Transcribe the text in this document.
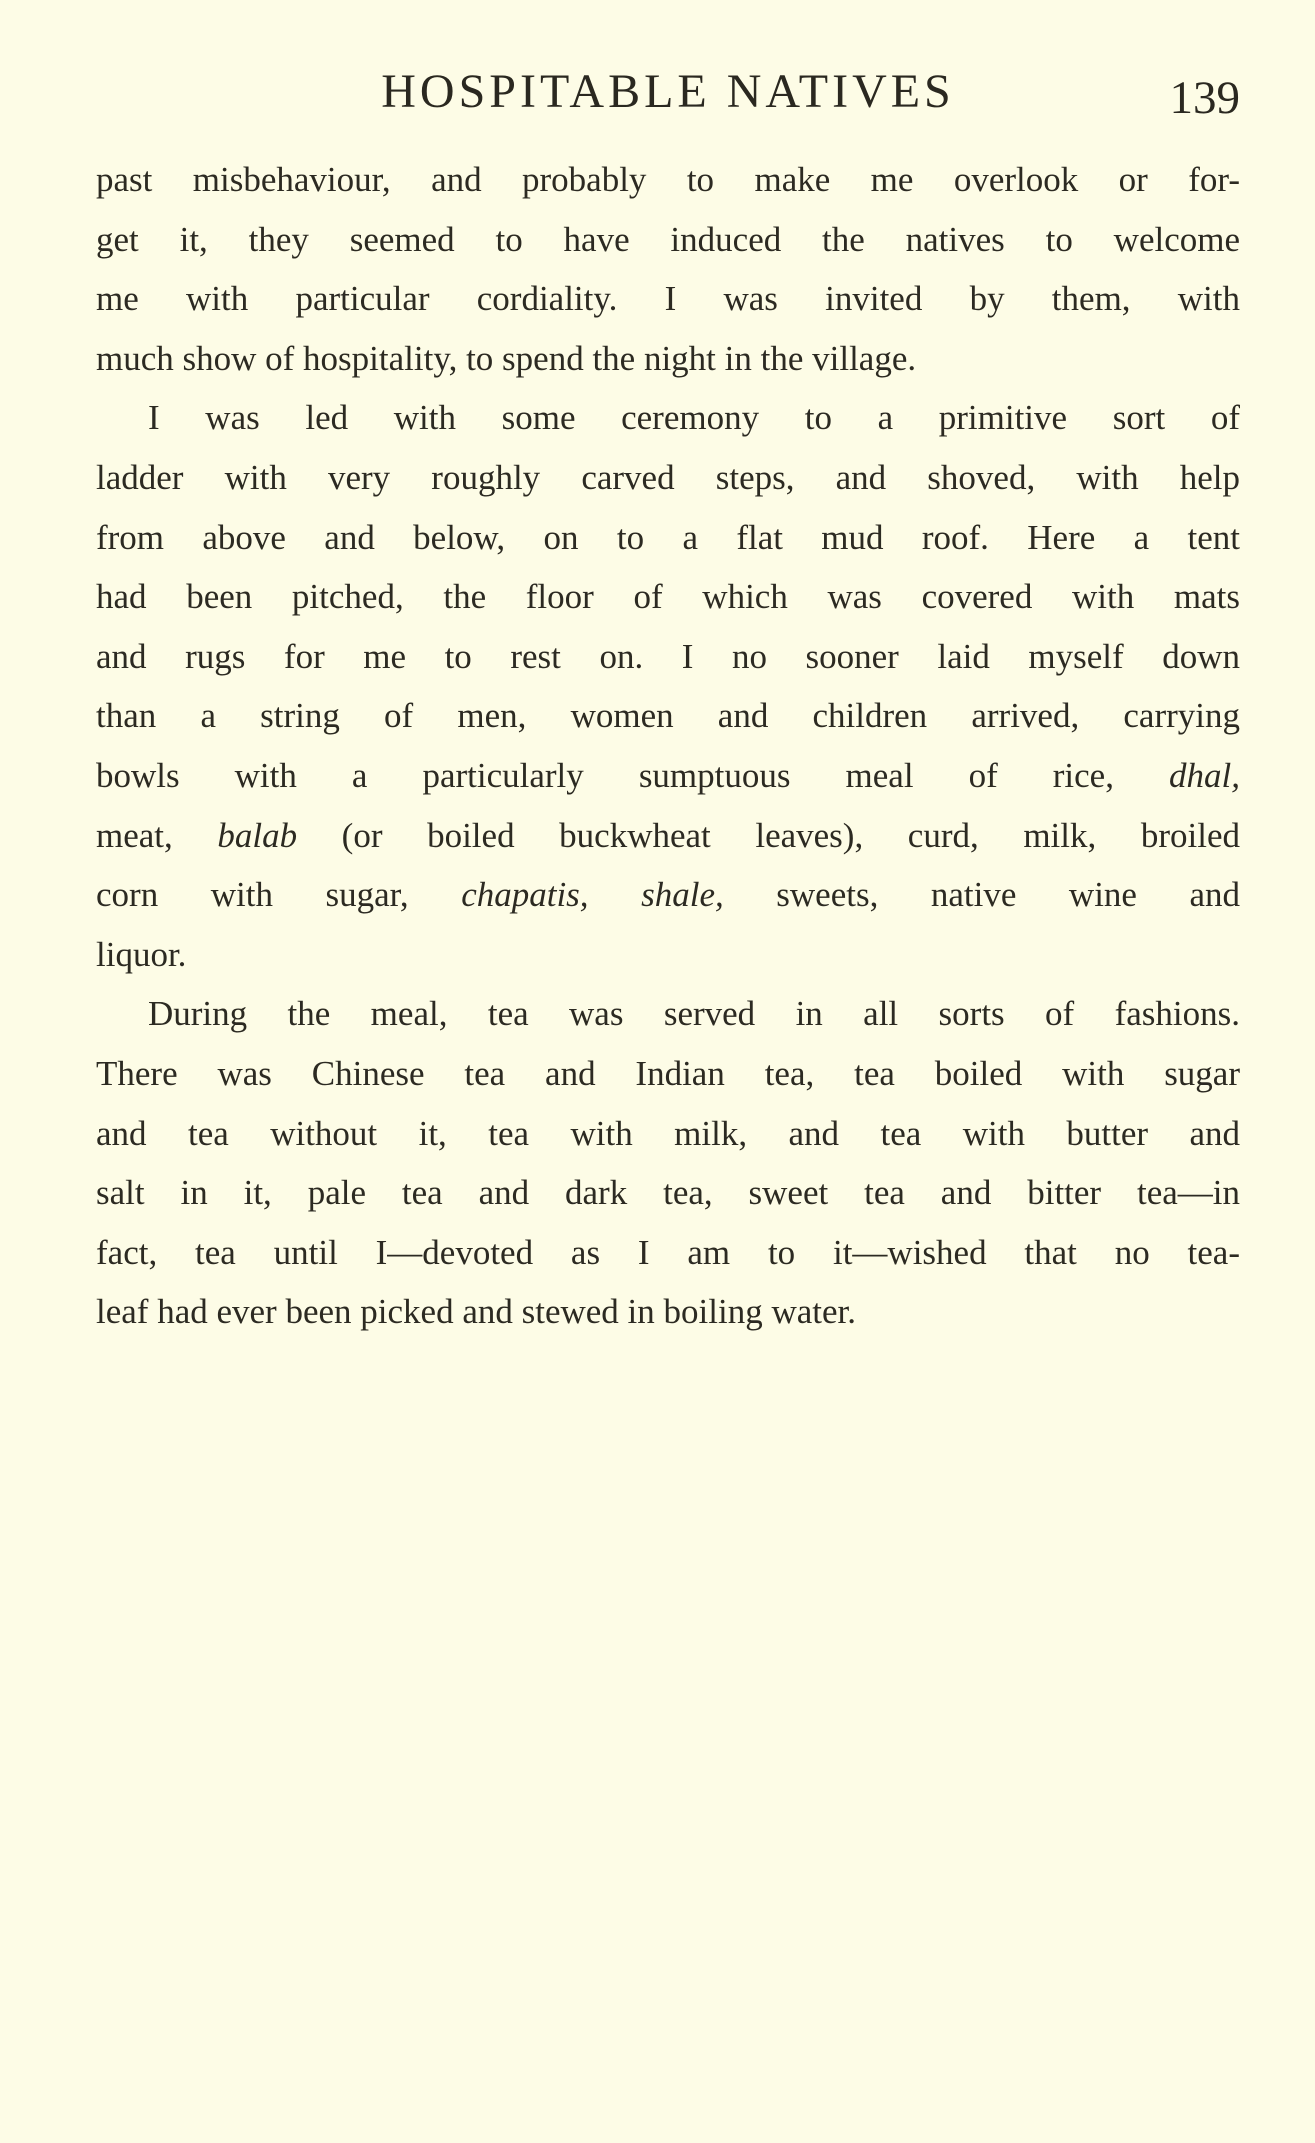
HOSPITABLE NATIVES	139
past misbehaviour, and probably to make me overlook or for-
get it, they seemed to have induced the natives to welcome
me with particular cordiality. I was invited by them, with
much show of hospitality, to spend the night in the village.
I was led with some ceremony to a primitive sort of
ladder with very roughly carved steps, and shoved, with help
from above and below, on to a flat mud roof. Here a tent
had been pitched, the floor of which was covered with mats
and rugs for me to rest on. I no sooner laid myself down
than a string of men, women and children arrived, carrying
bowls with a particularly sumptuous meal of rice, dhal,
meat, balab (or boiled buckwheat leaves), curd, milk, broiled
corn with sugar, chapatis, shale, sweets, native wine and
liquor.
During the meal, tea was served in all sorts of fashions.
There was Chinese tea and Indian tea, tea boiled with sugar
and tea without it, tea with milk, and tea with butter and
salt in it, pale tea and dark tea, sweet tea and bitter tea—in
fact, tea until I—devoted as I am to it—wished that no tea-
leaf had ever been picked and stewed in boiling water.
